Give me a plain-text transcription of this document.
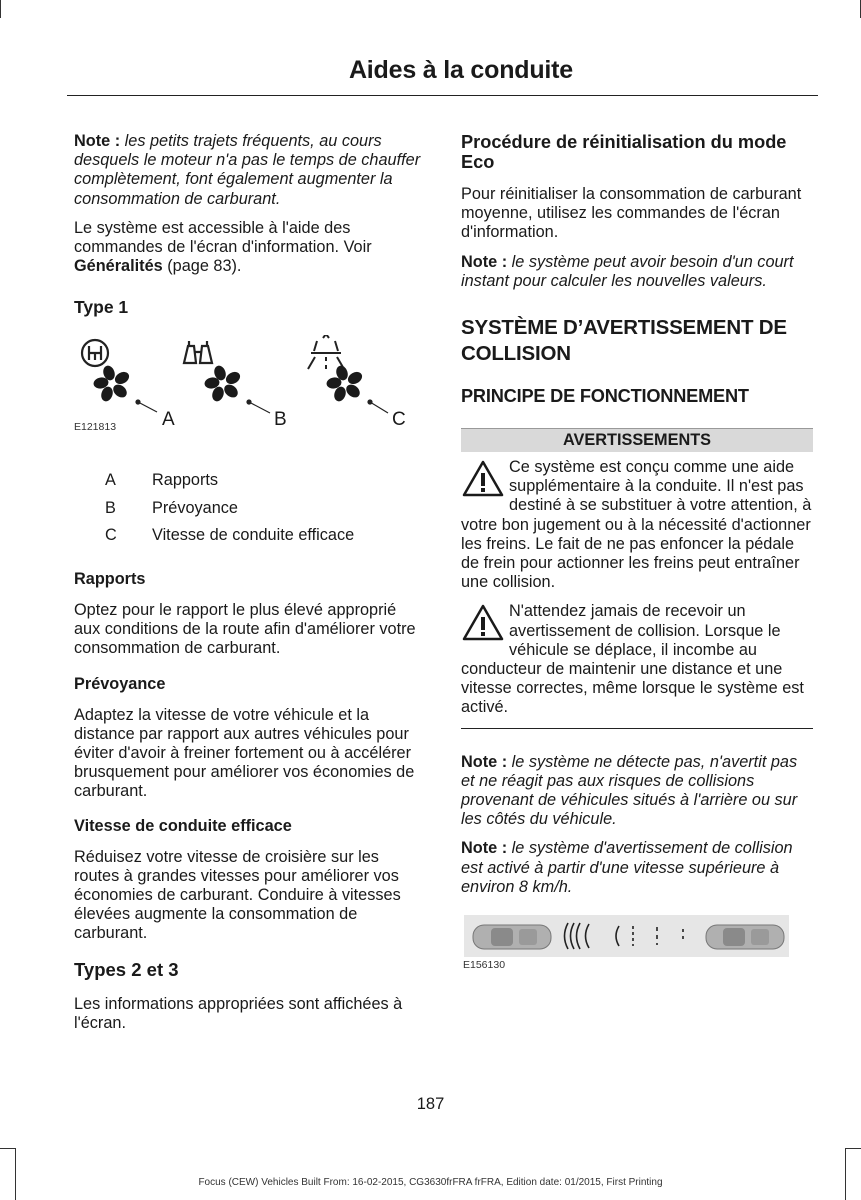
Aides à la conduite

Note : les petits trajets fréquents, au cours desquels le moteur n'a pas le temps de chauffer complètement, font également augmenter la consommation de carburant.

Le système est accessible à l'aide des commandes de l'écran d'information. Voir Généralités (page 83).

Type 1
E121813 A	B	C
A	Rapports
B	Prévoyance
C	Vitesse de conduite efficace
Rapports

Optez pour le rapport le plus élevé approprié aux conditions de la route afin d'améliorer votre consommation de carburant.

Prévoyance

Adaptez la vitesse de votre véhicule et la distance par rapport aux autres véhicules pour éviter d'avoir à freiner fortement ou à accélérer brusquement pour améliorer vos économies de carburant.

Vitesse de conduite efficace

Réduisez votre vitesse de croisière sur les routes à grandes vitesses pour améliorer vos économies de carburant. Conduire à vitesses élevées augmente la consommation de carburant.

Types 2 et 3

Les informations appropriées sont affichées à l'écran.

Procédure de réinitialisation du mode Eco

Pour réinitialiser la consommation de carburant moyenne, utilisez les commandes de l'écran d'information.

Note : le système peut avoir besoin d'un court instant pour calculer les nouvelles valeurs.

SYSTÈME D’AVERTISSEMENT DE COLLISION
PRINCIPE DE FONCTIONNEMENT
AVERTISSEMENTS
Ce système est conçu comme une aide supplémentaire à la conduite. Il n'est pas destiné à se substituer à votre attention, à votre bon jugement ou à la nécessité d'actionner les freins. Le fait de ne pas enfoncer la pédale de frein pour actionner les freins peut entraîner une collision.
N'attendez jamais de recevoir un avertissement de collision. Lorsque le véhicule se déplace, il incombe au conducteur de maintenir une distance et une vitesse correctes, même lorsque le système est activé.

Note : le système ne détecte pas, n'avertit pas et ne réagit pas aux risques de collisions provenant de véhicules situés à l'arrière ou sur les côtés du véhicule.

Note : le système d'avertissement de collision est activé à partir d'une vitesse supérieure à environ 8 km/h.

E156130
187
Focus (CEW) Vehicles Built From: 16-02-2015, CG3630frFRA frFRA, Edition date: 01/2015, First Printing
